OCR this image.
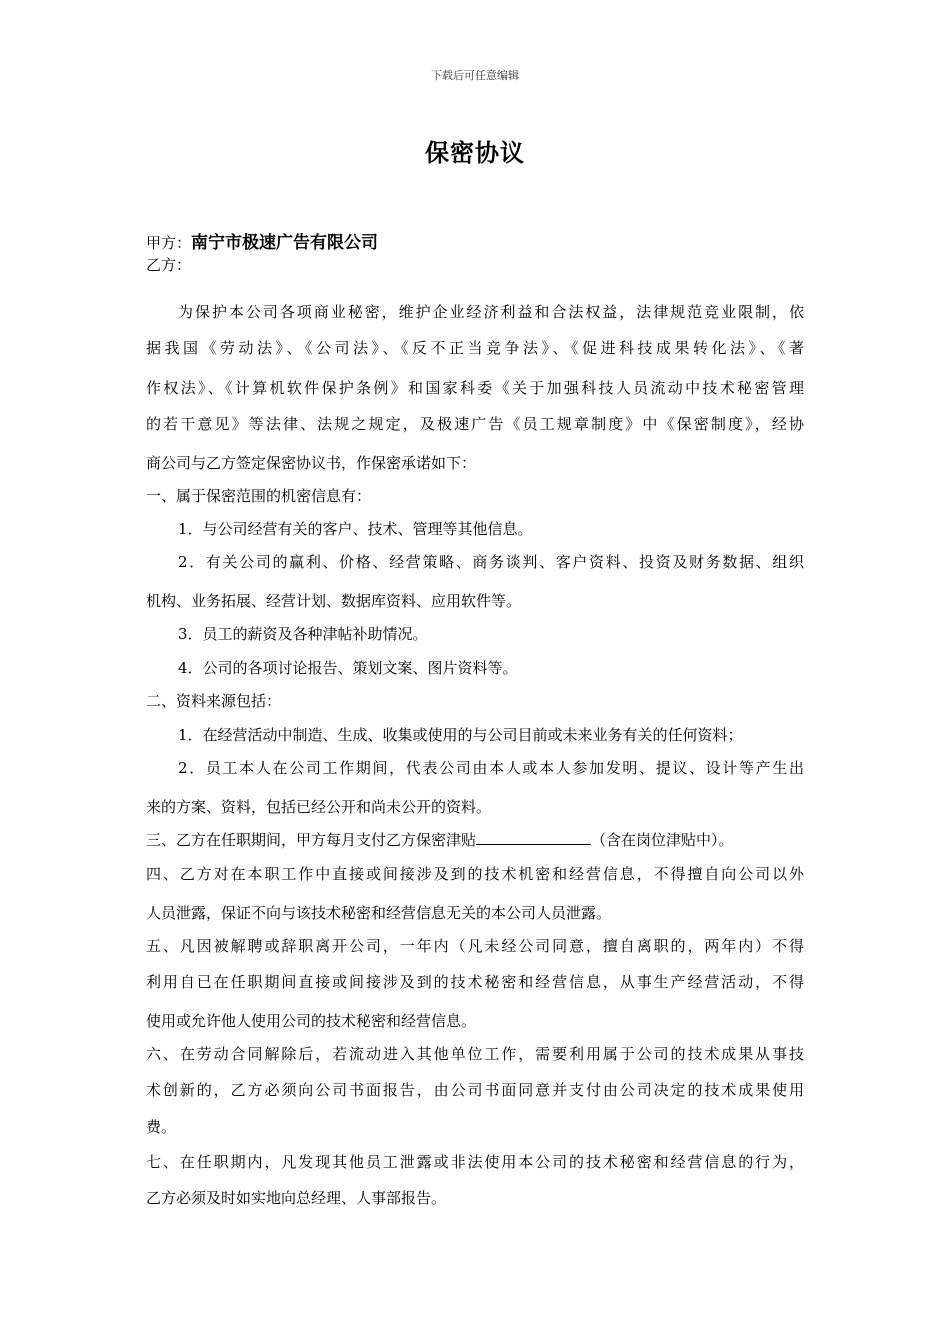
下载后可任意编辑
保密协议
甲方：南宁市极速广告有限公司
乙方：
为保护本公司各项商业秘密，维护企业经济利益和合法权益，法律规范竞业限制，依
据我国《劳动法》、《公司法》、《反不正当竞争法》、《促进科技成果转化法》、《著
作权法》、《计算机软件保护条例》和国家科委《关于加强科技人员流动中技术秘密管理
的若干意见》等法律、法规之规定，及极速广告《员工规章制度》中《保密制度》，经协
商公司与乙方签定保密协议书，作保密承诺如下：
一、属于保密范围的机密信息有：
1．与公司经营有关的客户、技术、管理等其他信息。
2．有关公司的赢利、价格、经营策略、商务谈判、客户资料、投资及财务数据、组织
机构、业务拓展、经营计划、数据库资料、应用软件等。
3．员工的薪资及各种津帖补助情况。
4．公司的各项讨论报告、策划文案、图片资料等。
二、资料来源包括：
1．在经营活动中制造、生成、收集或使用的与公司目前或未来业务有关的任何资料；
2．员工本人在公司工作期间，代表公司由本人或本人参加发明、提议、设计等产生出
来的方案、资料，包括已经公开和尚未公开的资料。
三、乙方在任职期间，甲方每月支付乙方保密津贴	（含在岗位津贴中）。
四、乙方对在本职工作中直接或间接涉及到的技术机密和经营信息，不得擅自向公司以外
人员泄露，保证不向与该技术秘密和经营信息无关的本公司人员泄露。
五、凡因被解聘或辞职离开公司，一年内（凡未经公司同意，擅自离职的，两年内）不得
利用自已在任职期间直接或间接涉及到的技术秘密和经营信息，从事生产经营活动，不得
使用或允许他人使用公司的技术秘密和经营信息。
六、在劳动合同解除后，若流动进入其他单位工作，需要利用属于公司的技术成果从事技
术创新的，乙方必须向公司书面报告，由公司书面同意并支付由公司决定的技术成果使用
费。
七、在任职期内，凡发现其他员工泄露或非法使用本公司的技术秘密和经营信息的行为，
乙方必须及时如实地向总经理、人事部报告。
